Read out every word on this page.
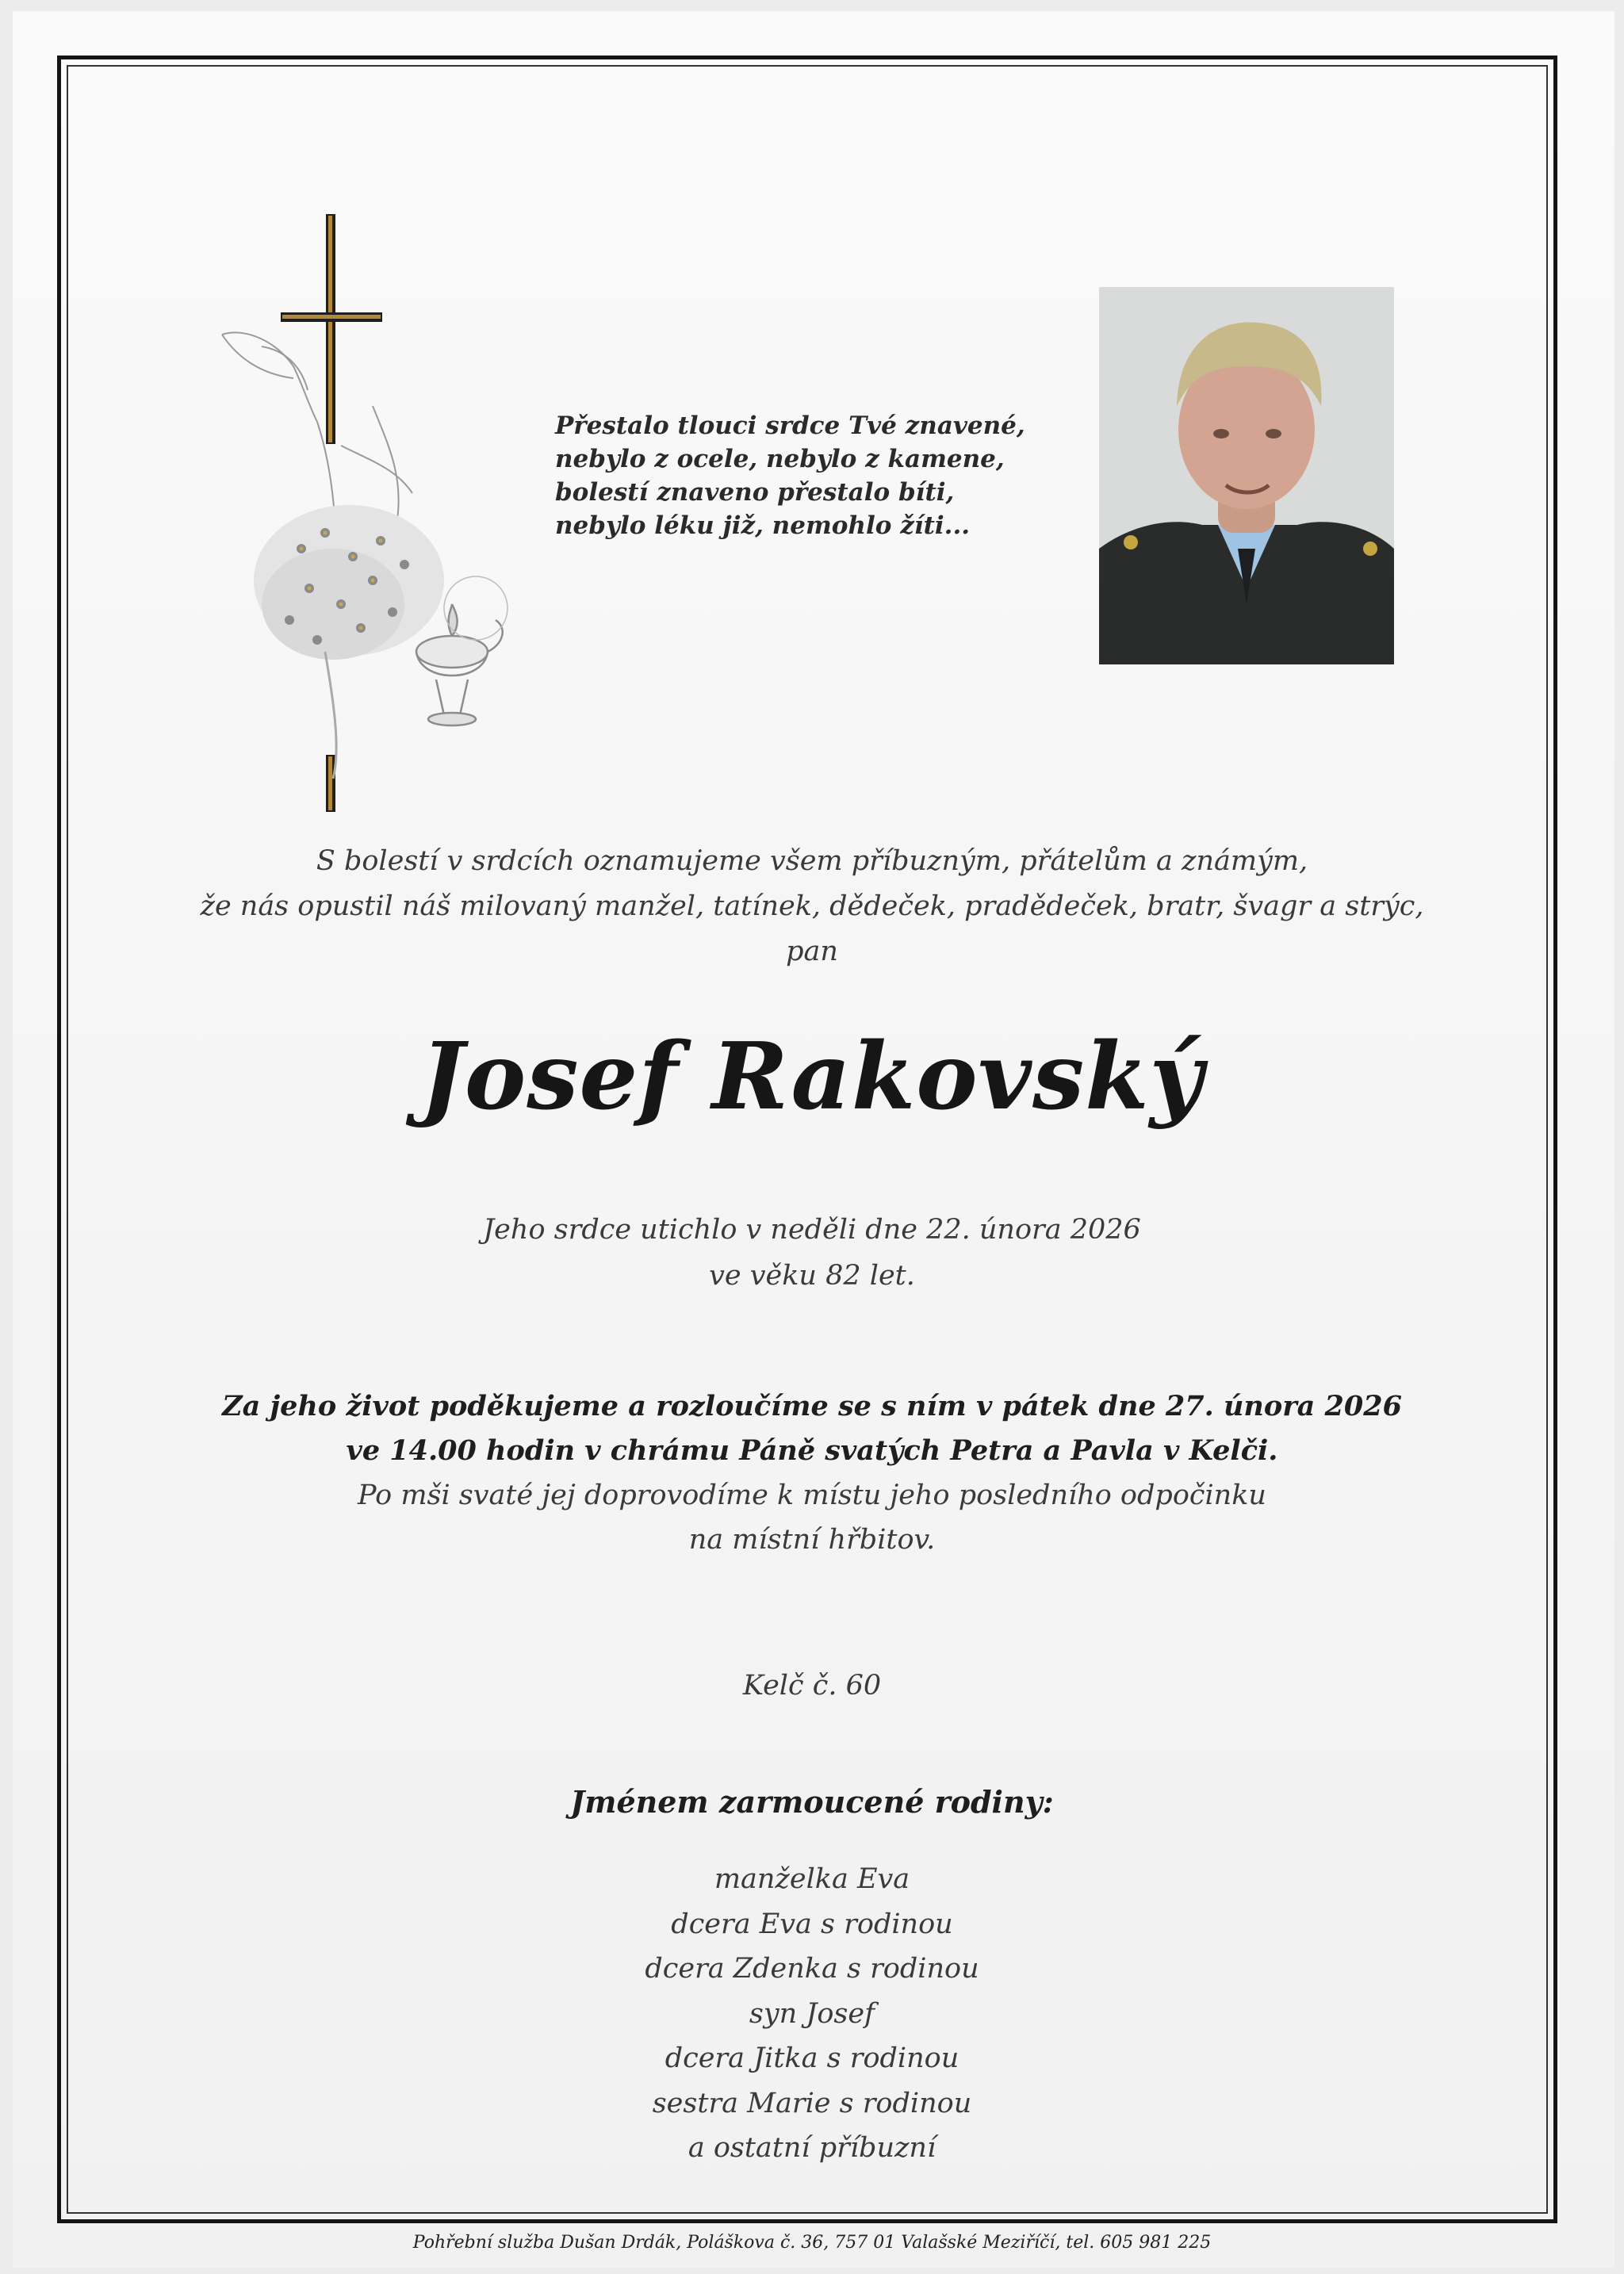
Přestalo tlouci srdce Tvé znavené,
nebylo z ocele, nebylo z kamene,
bolestí znaveno přestalo bíti,
nebylo léku již, nemohlo žíti...
S bolestí v srdcích oznamujeme všem příbuzným, přátelům a známým,
že nás opustil náš milovaný manžel, tatínek, dědeček, pradědeček, bratr, švagr a strýc,
pan
Josef Rakovský
Jeho srdce utichlo v neděli dne 22. února 2026
ve věku 82 let.
Za jeho život poděkujeme a rozloučíme se s ním v pátek dne 27. února 2026
ve 14.00 hodin v chrámu Páně svatých Petra a Pavla v Kelči.
Po mši svaté jej doprovodíme k místu jeho posledního odpočinku
na místní hřbitov.
Kelč č. 60
Jménem zarmoucené rodiny:
manželka Eva
dcera Eva s rodinou
dcera Zdenka s rodinou
syn Josef
dcera Jitka s rodinou
sestra Marie s rodinou
a ostatní příbuzní
Pohřební služba Dušan Drdák, Poláškova č. 36, 757 01 Valašské Meziříčí, tel. 605 981 225
